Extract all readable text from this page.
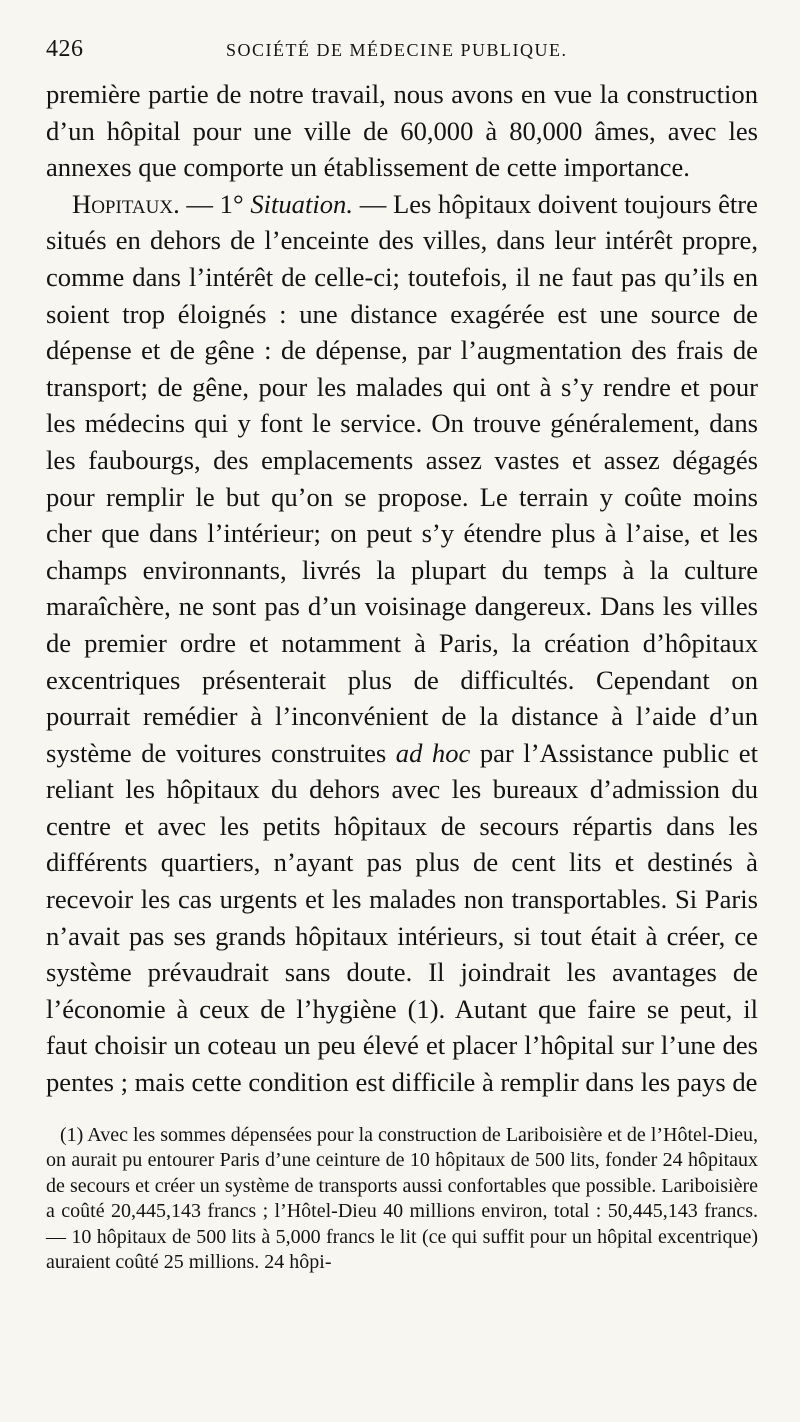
426	SOCIÉTÉ DE MÉDECINE PUBLIQUE.

première partie de notre travail, nous avons en vue la construction d’un hôpital pour une ville de 60,000 à 80,000 âmes, avec les annexes que comporte un établissement de cette importance.

Hopitaux. — 1° Situation. — Les hôpitaux doivent toujours être situés en dehors de l’enceinte des villes, dans leur intérêt propre, comme dans l’intérêt de celle-ci; toutefois, il ne faut pas qu’ils en soient trop éloignés : une distance exagérée est une source de dépense et de gêne : de dépense, par l’augmentation des frais de transport; de gêne, pour les malades qui ont à s’y rendre et pour les médecins qui y font le service. On trouve généralement, dans les faubourgs, des emplacements assez vastes et assez dégagés pour remplir le but qu’on se propose. Le terrain y coûte moins cher que dans l’intérieur; on peut s’y étendre plus à l’aise, et les champs environnants, livrés la plupart du temps à la culture maraîchère, ne sont pas d’un voisinage dangereux. Dans les villes de premier ordre et notamment à Paris, la création d’hôpitaux excentriques présenterait plus de difficultés. Cependant on pourrait remédier à l’inconvénient de la distance à l’aide d’un système de voitures construites ad hoc par l’Assistance public et reliant les hôpitaux du dehors avec les bureaux d’admission du centre et avec les petits hôpitaux de secours répartis dans les différents quartiers, n’ayant pas plus de cent lits et destinés à recevoir les cas urgents et les malades non transportables. Si Paris n’avait pas ses grands hôpitaux intérieurs, si tout était à créer, ce système prévaudrait sans doute. Il joindrait les avantages de l’économie à ceux de l’hygiène (1). Autant que faire se peut, il faut choisir un coteau un peu élevé et placer l’hôpital sur l’une des pentes ; mais cette condition est difficile à remplir dans les pays de

(1) Avec les sommes dépensées pour la construction de Lariboisière et de l’Hôtel-Dieu, on aurait pu entourer Paris d’une ceinture de 10 hôpitaux de 500 lits, fonder 24 hôpitaux de secours et créer un système de transports aussi confortables que possible. Lariboisière a coûté 20,445,143 francs ; l’Hôtel-Dieu 40 millions environ, total : 50,445,143 francs. — 10 hôpitaux de 500 lits à 5,000 francs le lit (ce qui suffit pour un hôpital excentrique) auraient coûté 25 millions. 24 hôpi-
